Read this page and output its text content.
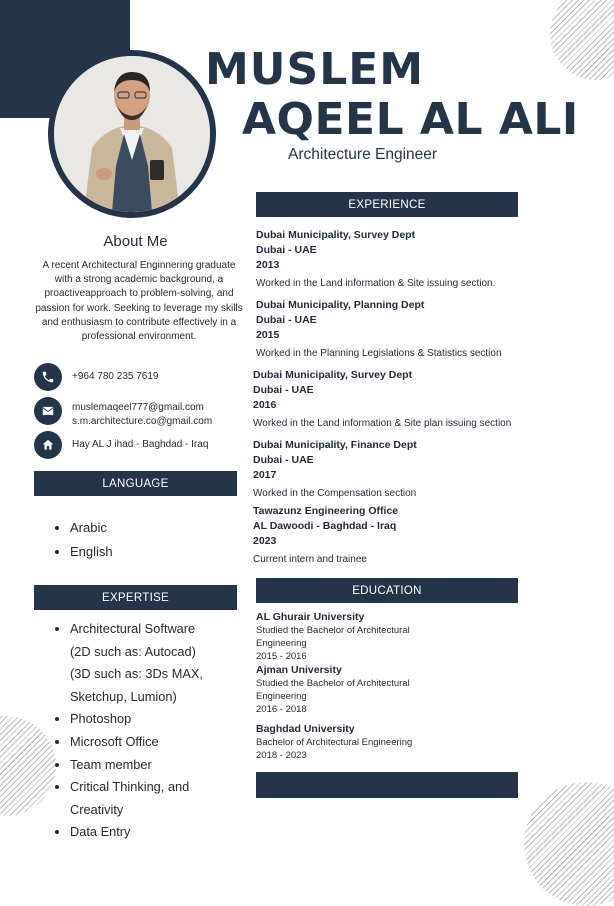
MUSLEM
AQEEL AL ALI
Architecture Engineer
About Me
A recent Architectural Enginnering graduate with a strong academic background, a proactiveapproach to problem-solving, and passion for work. Seeking to leverage my skills and enthusiasm to contribute effectively in a professional environment.
+964 780 235 7619
muslemaqeel777@gmail.com
s.m.architecture.co@gmail.com
Hay AL J ihad - Baghdad - Iraq
LANGUAGE
• Arabic
• English
EXPERTISE
• Architectural Software
(2D such as: Autocad)
(3D such as: 3Ds MAX,
Sketchup, Lumion)
• Photoshop
• Microsoft Office
• Team member
• Critical Thinking, and
Creativity
• Data Entry
EXPERIENCE
Dubai Municipality, Survey Dept
Dubai - UAE
2013
Worked in the Land information & Site issuing section.
Dubai Municipality, Planning Dept
Dubai - UAE
2015
Worked in the Planning Legislations & Statistics section
Dubai Municipality, Survey Dept
Dubai - UAE
2016
Worked in the Land information & Site plan issuing section
Dubai Municipality, Finance Dept
Dubai - UAE
2017
Worked in the Compensation section
Tawazunz Engineering Office
AL Dawoodi - Baghdad - Iraq
2023
Current intern and trainee
EDUCATION
AL Ghurair University
Studied the Bachelor of Architectural
Engineering
2015 - 2016
Ajman University
Studied the Bachelor of Architectural
Engineering
2016 - 2018
Baghdad University
Bachelor of Architectural Engineering
2018 - 2023
